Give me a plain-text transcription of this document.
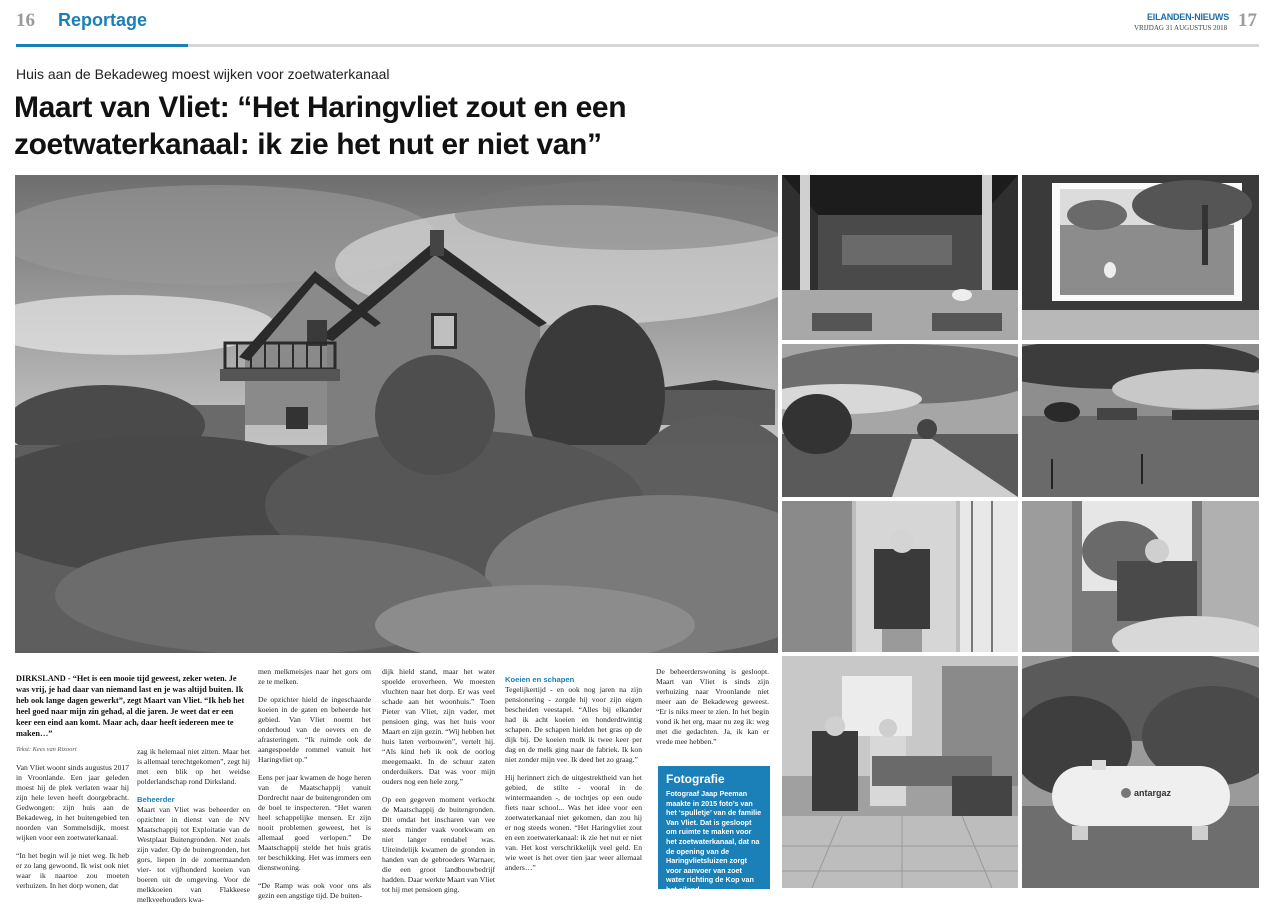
16 Reportage	EILANDEN-NIEUWS
VRIJDAG 31 AUGUSTUS 2018 17
Huis aan de Bekadeweg moest wijken voor zoetwaterkanaal
Maart van Vliet: “Het Haringvliet zout en een
zoetwaterkanaal: ik zie het nut er niet van”
antargaz
DIRKSLAND - “Het is een mooie tijd geweest, zeker weten. Je was vrij, je had daar van niemand last en je was altijd buiten. Ik heb ook lange dagen gewerkt”, zegt Maart van Vliet. “Ik heb het heel goed naar mijn zin gehad, al die jaren. Je weet dat er een keer een eind aan komt. Maar ach, daar heeft iedereen mee te maken…”

Tekst: Kees van Rixoort

Van Vliet woont sinds augustus 2017 in Vroonlande. Een jaar geleden moest hij de plek verlaten waar hij zijn hele leven heeft doorgebracht. Gedwongen: zijn huis aan de Bekadeweg, in het buitengebied ten noorden van Sommelsdijk, moest wijken voor een zoetwaterkanaal.

“In het begin wil je niet weg. Ik heb er zo lang gewoond. Ik wist ook niet waar ik naartoe zou moeten verhuizen. In het dorp wonen, dat

zag ik helemaal niet zitten. Maar het is allemaal terechtgekomen”, zegt hij met een blik op het weidse polderlandschap rond Dirksland.

Beheerder

Maart van Vliet was beheerder en opzichter in dienst van de NV Maatschappij tot Exploitatie van de Westplaat Buitengronden. Net zoals zijn vader. Op de buitengronden, het gors, liepen in de zomermaanden vier- tot vijfhonderd koeien van boeren uit de omgeving. Voor de melkkoeien van Flakkeese melkveehouders kwa-

men melkmeisjes naar het gors om ze te melken.

De opzichter hield de ingeschaarde koeien in de gaten en beheerde het gebied. Van Vliet noemt het onderhoud van de oevers en de afrasteringen. “Ik ruimde ook de aangespoelde rommel vanuit het Haringvliet op.”

Eens per jaar kwamen de hoge heren van de Maatschappij vanuit Dordrecht naar de buitengronden om de boel te inspecteren. “Het waren heel schappelijke mensen. Er zijn nooit problemen geweest, het is allemaal goed verlopen.” De Maatschappij stelde het huis gratis ter beschikking. Het was immers een dienstwoning.

“De Ramp was ook voor ons als gezin een angstige tijd. De buiten-

dijk hield stand, maar het water spoelde eroverheen. We moesten vluchten naar het dorp. Er was veel schade aan het woonhuis.” Toen Pieter van Vliet, zijn vader, met pensioen ging, was het huis voor Maart en zijn gezin. “Wij hebben het huis laten verbouwen”, vertelt hij. “Als kind heb ik ook de oorlog meegemaakt. In de schuur zaten onderduikers. Dat was voor mijn ouders nog een hele zorg.”

Op een gegeven moment verkocht de Maatschappij de buitengronden. Dit omdat het inscharen van vee steeds minder vaak voorkwam en niet langer rendabel was. Uiteindelijk kwamen de gronden in handen van de gebroeders Warnaer, die een groot landbouwbedrijf hadden. Daar werkte Maart van Vliet tot hij met pensioen ging.

Koeien en schapen

Tegelijkertijd - en ook nog jaren na zijn pensionering - zorgde hij voor zijn eigen bescheiden veestapel. “Alles bij elkander had ik acht koeien en honderdtwintig schapen. De schapen hielden het gras op de dijk bij. De koeien molk ik twee keer per dag en de melk ging naar de fabriek. Ik kon niet zonder mijn vee. Ik deed het zo graag.”

Hij herinnert zich de uitgestrektheid van het gebied, de stilte - vooral in de wintermaanden -, de tochtjes op een oude fiets naar school... Was het idee voor een zoetwaterkanaal niet gekomen, dan zou hij er nog steeds wonen. “Het Haringvliet zout en een zoetwaterkanaal: ik zie het nut er niet van. Het kost verschrikkelijk veel geld. En wie weet is het over tien jaar weer allemaal anders…”

De beheerderswoning is gesloopt. Maart van Vliet is sinds zijn verhuizing naar Vroonlande niet meer aan de Bekadeweg geweest. “Er is niks meer te zien. In het begin vond ik het erg, maar nu zeg ik: weg met die gedachten. Ja, ik kan er vrede mee hebben.”

Fotografie
Fotograaf Jaap Peeman maakte in 2015 foto’s van het ‘spulletje’ van de familie Van Vliet. Dat is gesloopt om ruimte te maken voor het zoetwaterkanaal, dat na de opening van de Haringvlietsluizen zorgt voor aanvoer van zoet water richting de Kop van het eiland.
